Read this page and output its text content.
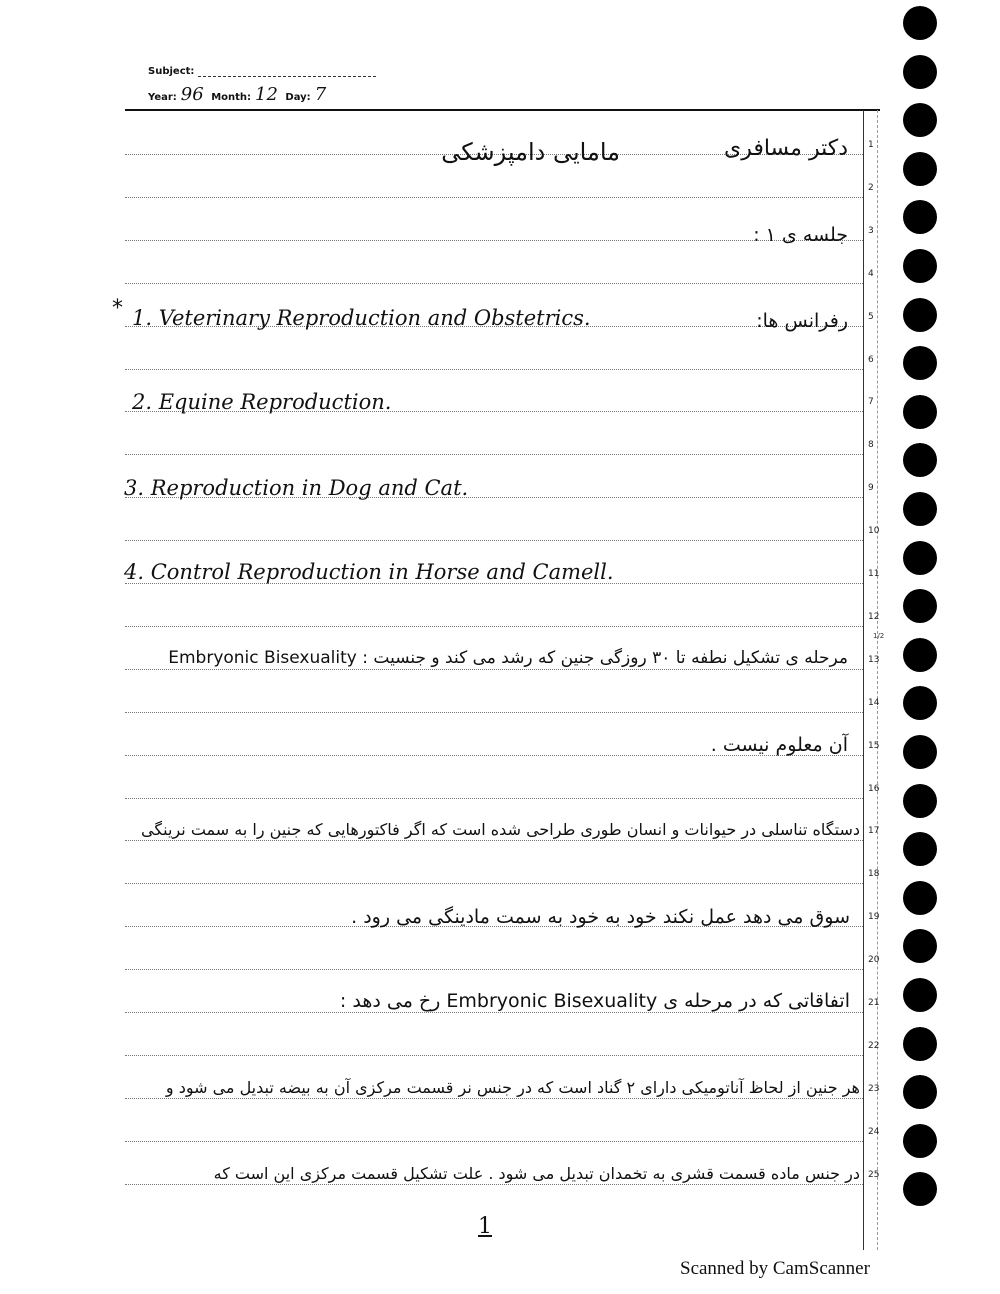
Subject:
Year: 96 Month: 12 Day: 7
1
2
3
4
5
6
7
8
9
10
11
12
13
14
15
16
17
18
19
20
21
22
23
24
25
1/2
دکتر مسافری
مامایی دامپزشکی
جلسه ی ۱ :
*	رفرانس ها:
1. Veterinary Reproduction and Obstetrics.
2. Equine Reproduction.
3. Reproduction in Dog and Cat.
4. Control Reproduction in Horse and Camell.
مرحله ی تشکیل نطفه تا ۳۰ روزگی جنین که رشد می کند و جنسیت : Embryonic Bisexuality
آن معلوم نیست .
دستگاه تناسلی در حیوانات و انسان طوری طراحی شده است که اگر فاکتورهایی که جنین را به سمت نرینگی
سوق می دهد عمل نکند خود به خود به سمت مادینگی می رود .
اتفاقاتی که در مرحله ی Embryonic Bisexuality رخ می دهد :
هر جنین از لحاظ آناتومیکی دارای ۲ گناد است که در جنس نر قسمت مرکزی آن به بیضه تبدیل می شود و
در جنس ماده قسمت قشری به تخمدان تبدیل می شود . علت تشکیل قسمت مرکزی این است که
1
Scanned by CamScanner
